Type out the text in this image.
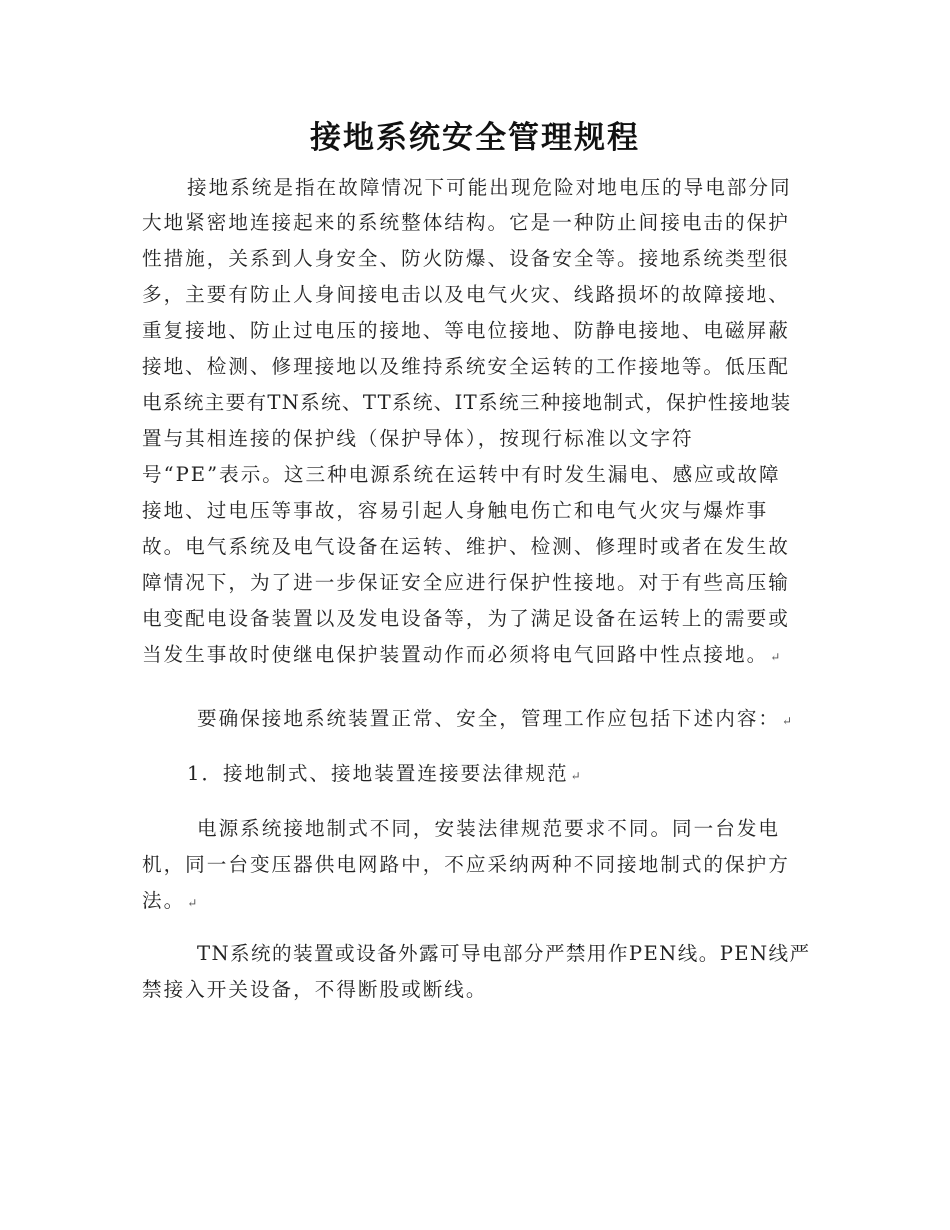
接地系统安全管理规程
接地系统是指在故障情况下可能出现危险对地电压的导电部分同
大地紧密地连接起来的系统整体结构。它是一种防止间接电击的保护
性措施，关系到人身安全、防火防爆、设备安全等。接地系统类型很
多，主要有防止人身间接电击以及电气火灾、线路损坏的故障接地、
重复接地、防止过电压的接地、等电位接地、防静电接地、电磁屏蔽
接地、检测、修理接地以及维持系统安全运转的工作接地等。低压配
电系统主要有TN系统、TT系统、IT系统三种接地制式，保护性接地装
置与其相连接的保护线（保护导体），按现行标准以文字符
号“PE”表示。这三种电源系统在运转中有时发生漏电、感应或故障
接地、过电压等事故，容易引起人身触电伤亡和电气火灾与爆炸事
故。电气系统及电气设备在运转、维护、检测、修理时或者在发生故
障情况下，为了进一步保证安全应进行保护性接地。对于有些高压输
电变配电设备装置以及发电设备等，为了满足设备在运转上的需要或
当发生事故时使继电保护装置动作而必须将电气回路中性点接地。 ↵
要确保接地系统装置正常、安全，管理工作应包括下述内容： ↵
1．接地制式、接地装置连接要法律规范 ↵
电源系统接地制式不同，安装法律规范要求不同。同一台发电
机，同一台变压器供电网路中，不应采纳两种不同接地制式的保护方
法。 ↵
TN系统的装置或设备外露可导电部分严禁用作PEN线。PEN线严
禁接入开关设备，不得断股或断线。
